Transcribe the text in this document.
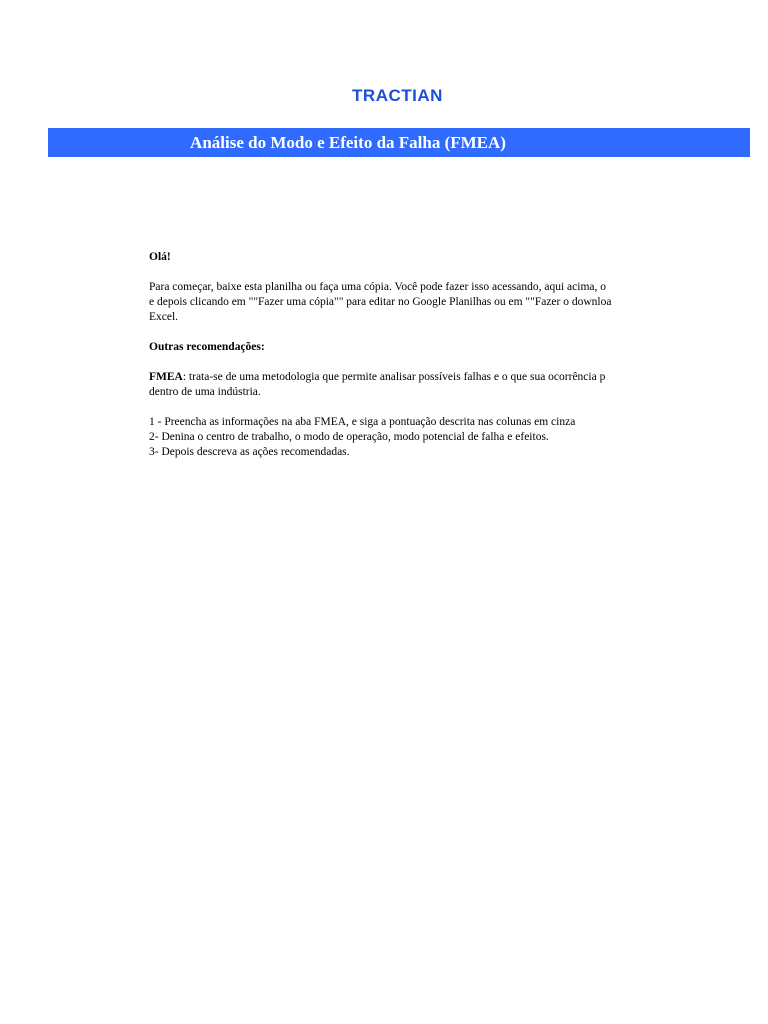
TRACTIAN
Análise do Modo e Efeito da Falha (FMEA)

Olá!

Para começar, baixe esta planilha ou faça uma cópia. Você pode fazer isso acessando, aqui acima, o

e depois clicando em ""Fazer uma cópia"" para editar no Google Planilhas ou em ""Fazer o downloa

Excel.

Outras recomendações:

FMEA: trata-se de uma metodologia que permite analisar possíveis falhas e o que sua ocorrência p

dentro de uma indústria.

1 - Preencha as informações na aba FMEA, e siga a pontuação descrita nas colunas em cinza

2- Denina o centro de trabalho, o modo de operação, modo potencial de falha e efeitos.

3- Depois descreva as ações recomendadas.
